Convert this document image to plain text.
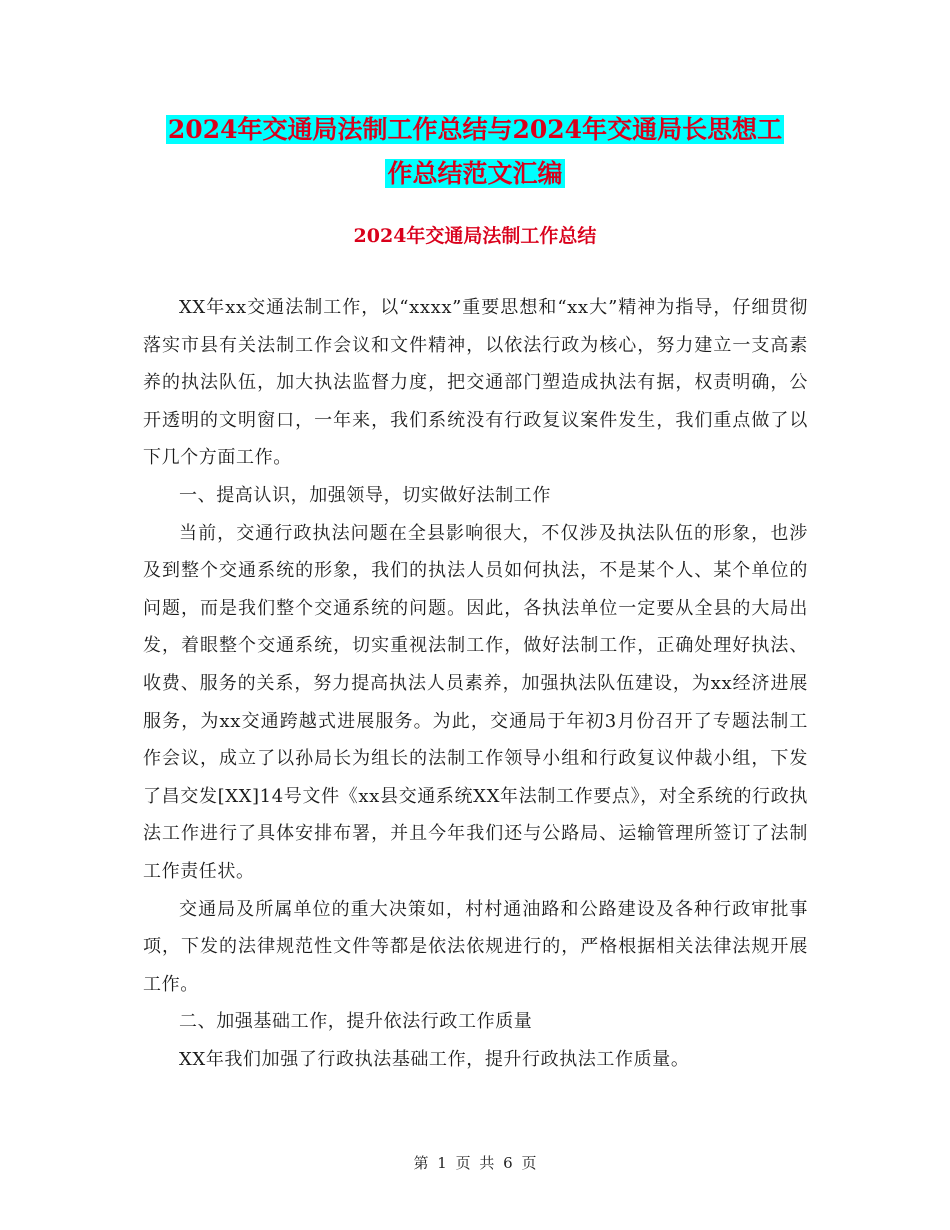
2024年交通局法制工作总结与2024年交通局长思想工
作总结范文汇编
2024年交通局法制工作总结

XX年xx交通法制工作，以“xxxx”重要思想和“xx大”精神为指导，仔细贯彻落实市县有关法制工作会议和文件精神，以依法行政为核心，努力建立一支高素养的执法队伍，加大执法监督力度，把交通部门塑造成执法有据，权责明确，公开透明的文明窗口，一年来，我们系统没有行政复议案件发生，我们重点做了以下几个方面工作。

一、提高认识，加强领导，切实做好法制工作

当前，交通行政执法问题在全县影响很大，不仅涉及执法队伍的形象，也涉及到整个交通系统的形象，我们的执法人员如何执法，不是某个人、某个单位的问题，而是我们整个交通系统的问题。因此，各执法单位一定要从全县的大局出发，着眼整个交通系统，切实重视法制工作，做好法制工作，正确处理好执法、收费、服务的关系，努力提高执法人员素养，加强执法队伍建设，为xx经济进展服务，为xx交通跨越式进展服务。为此，交通局于年初3月份召开了专题法制工作会议，成立了以孙局长为组长的法制工作领导小组和行政复议仲裁小组，下发了昌交发[XX]14号文件《xx县交通系统XX年法制工作要点》，对全系统的行政执法工作进行了具体安排布署，并且今年我们还与公路局、运输管理所签订了法制工作责任状。

交通局及所属单位的重大决策如，村村通油路和公路建设及各种行政审批事项，下发的法律规范性文件等都是依法依规进行的，严格根据相关法律法规开展工作。

二、加强基础工作，提升依法行政工作质量

XX年我们加强了行政执法基础工作，提升行政执法工作质量。

第 1 页 共 6 页
